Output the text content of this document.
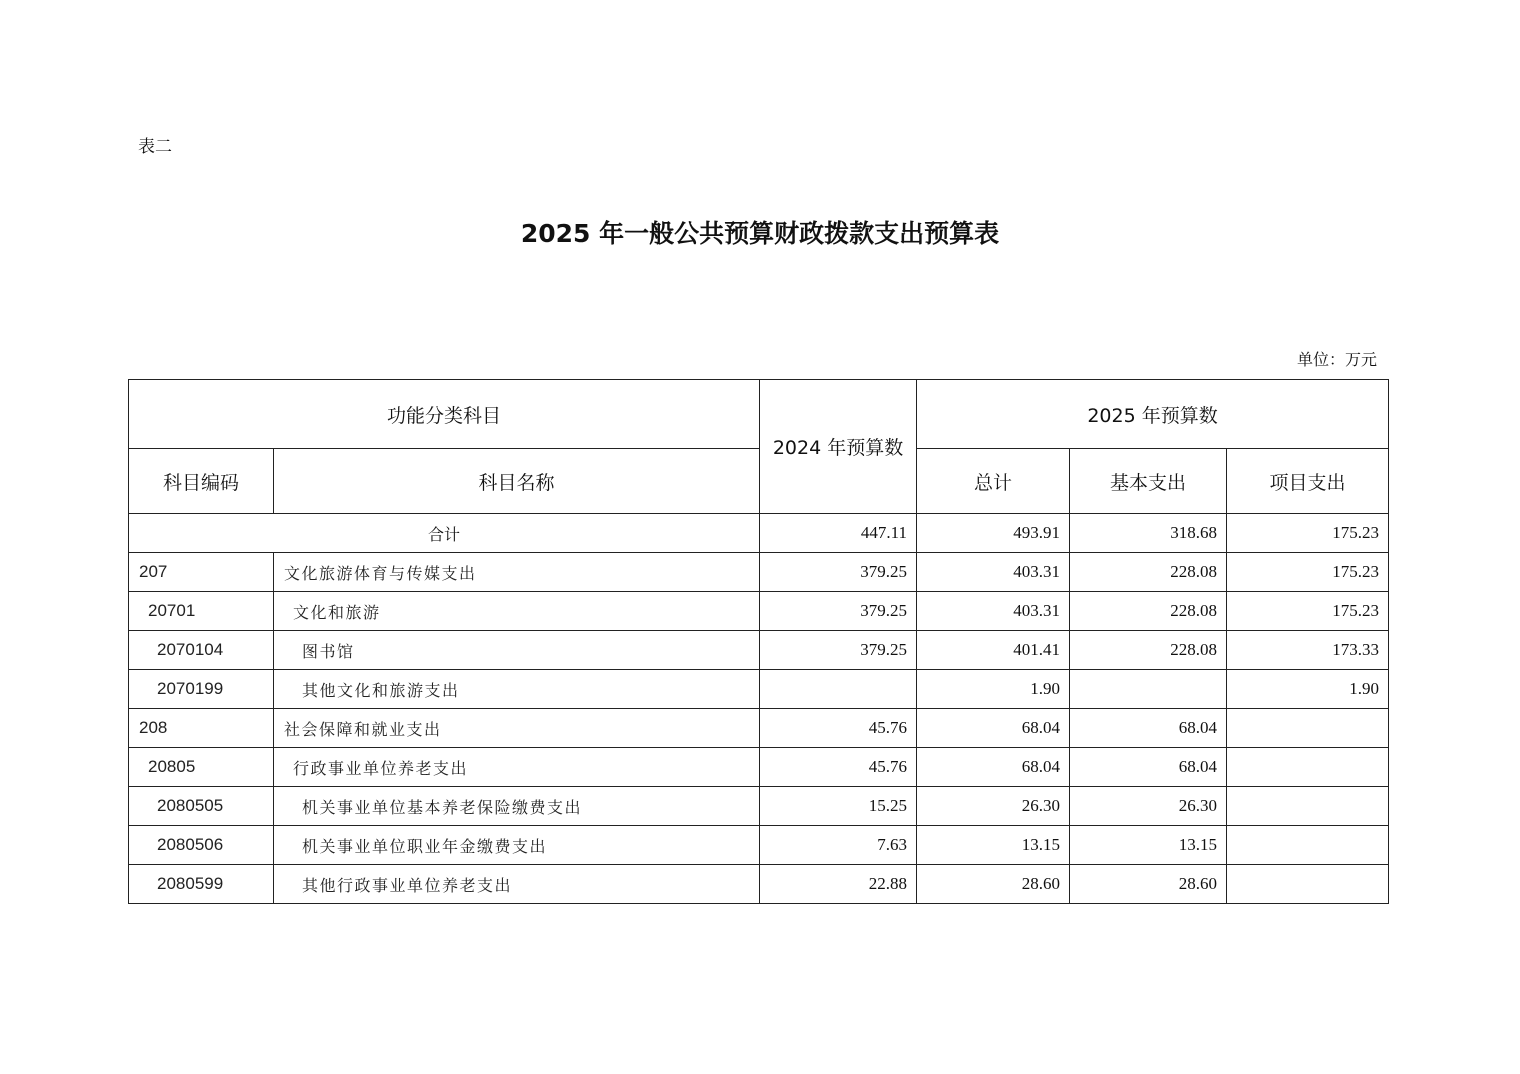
表二
2025 年一般公共预算财政拨款支出预算表
单位：万元
功能分类科目		2024 年预算数	2025 年预算数		
科目编码	科目名称		总计	基本支出	项目支出
合计		447.11	493.91	318.68	175.23
207	文化旅游体育与传媒支出	379.25	403.31	228.08	175.23
20701	文化和旅游	379.25	403.31	228.08	175.23
2070104	图书馆	379.25	401.41	228.08	173.33
2070199	其他文化和旅游支出		1.90		1.90
208	社会保障和就业支出	45.76	68.04	68.04	
20805	行政事业单位养老支出	45.76	68.04	68.04	
2080505	机关事业单位基本养老保险缴费支出	15.25	26.30	26.30	
2080506	机关事业单位职业年金缴费支出	7.63	13.15	13.15	
2080599	其他行政事业单位养老支出	22.88	28.60	28.60	
